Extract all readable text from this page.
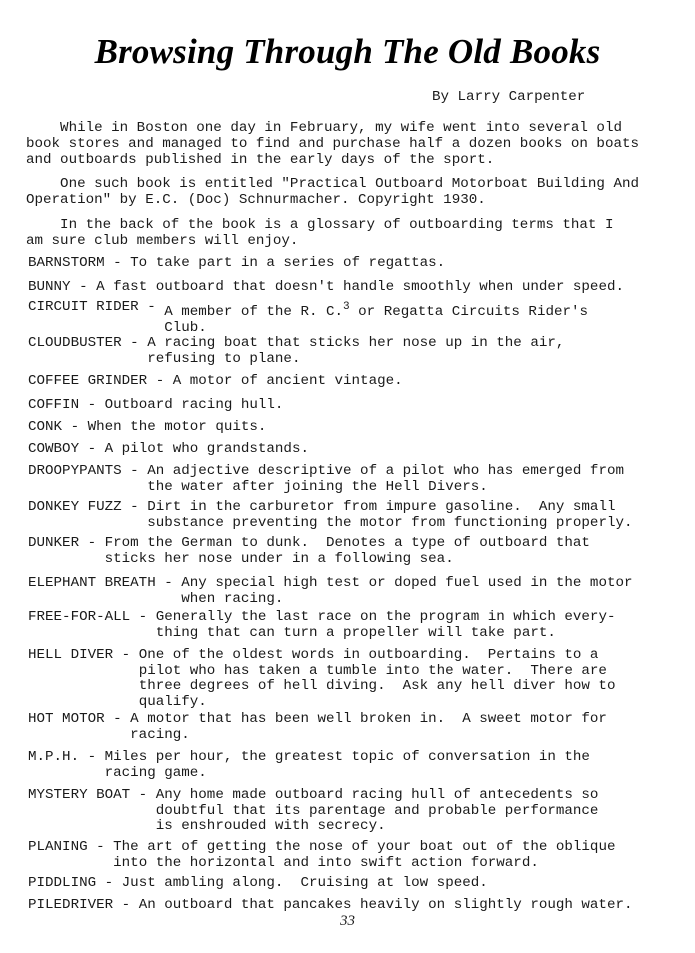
Browsing Through The Old Books
By Larry Carpenter
While in Boston one day in February, my wife went into several old
book stores and managed to find and purchase half a dozen books on boats
and outboards published in the early days of the sport.
One such book is entitled "Practical Outboard Motorboat Building And
Operation" by E.C. (Doc) Schnurmacher. Copyright 1930.
In the back of the book is a glossary of outboarding terms that I
am sure club members will enjoy.
BARNSTORM - To take part in a series of regattas.
BUNNY - A fast outboard that doesn't handle smoothly when under speed.
CIRCUIT RIDER - A member of the R. C.$^3$ or Regatta Circuits Rider's
Club.
CLOUDBUSTER - A racing boat that sticks her nose up in the air,
refusing to plane.
COFFEE GRINDER - A motor of ancient vintage.
COFFIN - Outboard racing hull.
CONK - When the motor quits.
COWBOY - A pilot who grandstands.
DROOPYPANTS - An adjective descriptive of a pilot who has emerged from
the water after joining the Hell Divers.
DONKEY FUZZ - Dirt in the carburetor from impure gasoline.  Any small
substance preventing the motor from functioning properly.
DUNKER - From the German to dunk.  Denotes a type of outboard that
sticks her nose under in a following sea.
ELEPHANT BREATH - Any special high test or doped fuel used in the motor
when racing.
FREE-FOR-ALL - Generally the last race on the program in which every-
thing that can turn a propeller will take part.
HELL DIVER - One of the oldest words in outboarding.  Pertains to a
pilot who has taken a tumble into the water.  There are
three degrees of hell diving.  Ask any hell diver how to
qualify.
HOT MOTOR - A motor that has been well broken in.  A sweet motor for
racing.
M.P.H. - Miles per hour, the greatest topic of conversation in the
racing game.
MYSTERY BOAT - Any home made outboard racing hull of antecedents so
doubtful that its parentage and probable performance
is enshrouded with secrecy.
PLANING - The art of getting the nose of your boat out of the oblique
into the horizontal and into swift action forward.
PIDDLING - Just ambling along.  Cruising at low speed.
PILEDRIVER - An outboard that pancakes heavily on slightly rough water.
33
